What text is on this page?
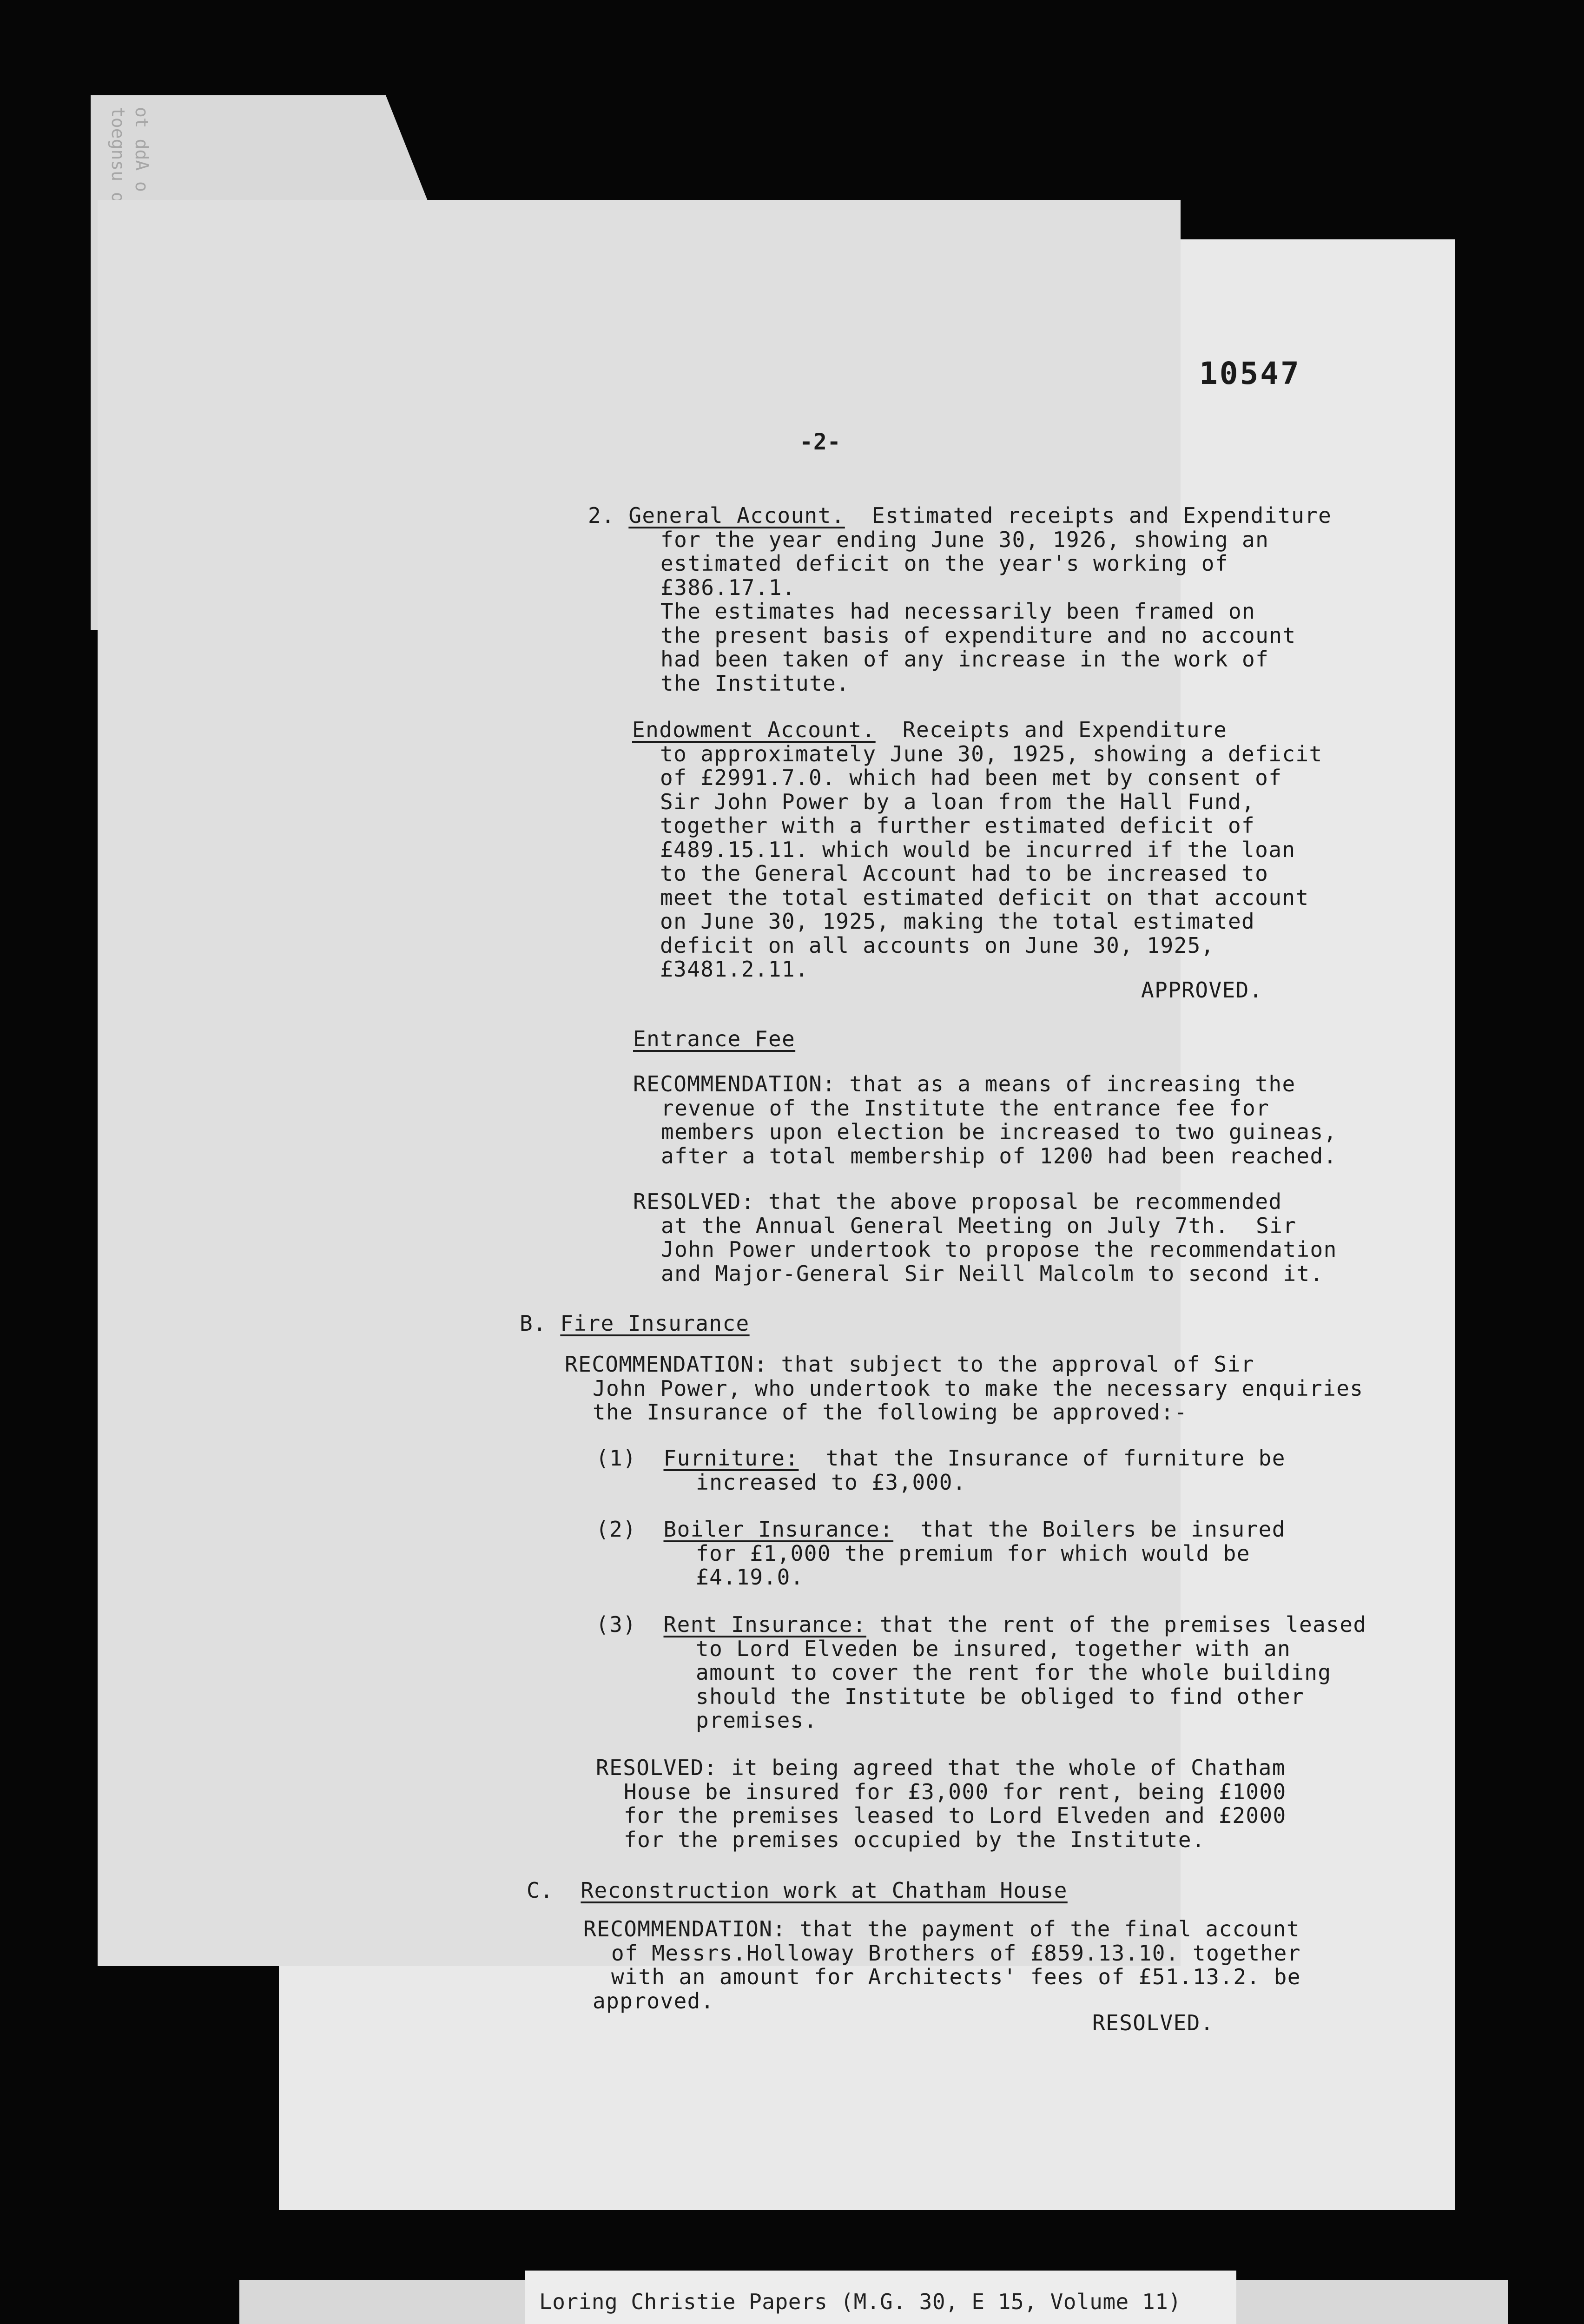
10547
-2-
2. General Account. Estimated receipts and Expenditure
for the year ending June 30, 1926, showing an
estimated deficit on the year's working of
£386.17.1.
The estimates had necessarily been framed on
the present basis of expenditure and no account
had been taken of any increase in the work of
the Institute.
Endowment Account. Receipts and Expenditure
to approximately June 30, 1925, showing a deficit
of £2991.7.0. which had been met by consent of
Sir John Power by a loan from the Hall Fund,
together with a further estimated deficit of
£489.15.11. which would be incurred if the loan
to the General Account had to be increased to
meet the total estimated deficit on that account
on June 30, 1925, making the total estimated
deficit on all accounts on June 30, 1925,
£3481.2.11.
APPROVED.
Entrance Fee
RECOMMENDATION: that as a means of increasing the
revenue of the Institute the entrance fee for
members upon election be increased to two guineas,
after a total membership of 1200 had been reached.
RESOLVED: that the above proposal be recommended
at the Annual General Meeting on July 7th.  Sir
John Power undertook to propose the recommendation
and Major-General Sir Neill Malcolm to second it.
B. Fire Insurance
RECOMMENDATION: that subject to the approval of Sir
John Power, who undertook to make the necessary enquiries
the Insurance of the following be approved:-
(1) Furniture: that the Insurance of furniture be
increased to £3,000.
(2) Boiler Insurance: that the Boilers be insured
for £1,000 the premium for which would be
£4.19.0.
(3) Rent Insurance: that the rent of the premises leased
to Lord Elveden be insured, together with an
amount to cover the rent for the whole building
should the Institute be obliged to find other
premises.
RESOLVED: it being agreed that the whole of Chatham
House be insured for £3,000 for rent, being £1000
for the premises leased to Lord Elveden and £2000
for the premises occupied by the Institute.
C. Reconstruction work at Chatham House
RECOMMENDATION: that the payment of the final account
of Messrs.Holloway Brothers of £859.13.10. together
with an amount for Architects' fees of £51.13.2. be
approved.
RESOLVED.
Loring Christie Papers (M.G. 30, E 15, Volume 11)
